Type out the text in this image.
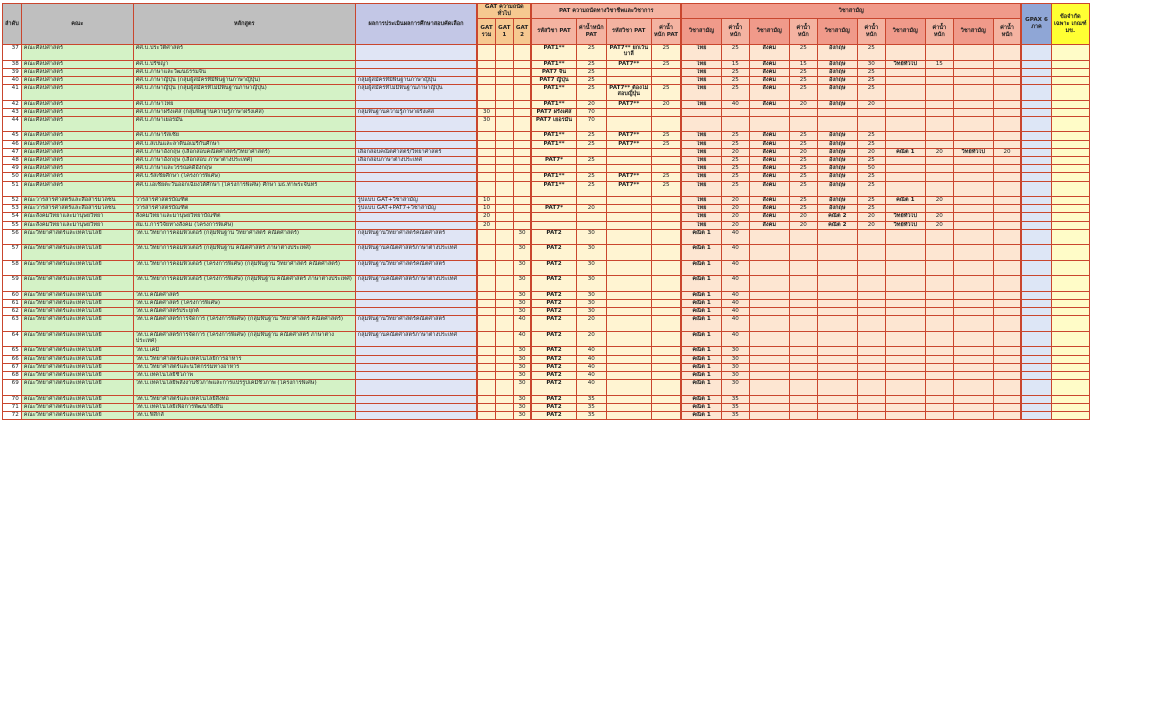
ลำดับ	คณะ	หลักสูตร	ผลการประเมินผลการศึกษาสอบคัดเลือก	GAT ความถนัดทั่วไป			PAT ความถนัดทางวิชาชีพและวิชาการ				วิชาสามัญ										GPAX 6 ภาค	ข้อจำกัดเฉพาะ เกณฑ์ มข.
				GAT รวม	GAT 1	GAT 2	รหัสวิชา PAT	ค่าน้ำหนัก PAT	รหัสวิชา PAT	ค่าน้ำหนัก PAT	วิชาสามัญ	ค่าน้ำหนัก	วิชาสามัญ	ค่าน้ำหนัก	วิชาสามัญ	ค่าน้ำหนัก	วิชาสามัญ	ค่าน้ำหนัก	วิชาสามัญ	ค่าน้ำหนัก		
37	คณะศิลปศาสตร์	ศศ.บ.ประวัติศาสตร์					PAT1**	25	PAT7** ยกเว้น บาลี	25	ไทย	25	สังคม	25	อังกฤษ	25						
38	คณะศิลปศาสตร์	ศศ.บ.ปรัชญา					PAT1**	25	PAT7**	25	ไทย	15	สังคม	15	อังกฤษ	30	วิทย์ทั่วไป	15				
39	คณะศิลปศาสตร์	ศศ.บ.ภาษาและวัฒนธรรมจีน					PAT7 จีน	25			ไทย	25	สังคม	25	อังกฤษ	25						
40	คณะศิลปศาสตร์	ศศ.บ.ภาษาญี่ปุ่น (กลุ่มผู้สมัครที่มีพื้นฐานภาษาญี่ปุ่น)	กลุ่มผู้สมัครที่มีพื้นฐานภาษาญี่ปุ่น				PAT7 ญี่ปุ่น	25			ไทย	25	สังคม	25	อังกฤษ	25						
41	คณะศิลปศาสตร์	ศศ.บ.ภาษาญี่ปุ่น (กลุ่มผู้สมัครที่ไม่มีพื้นฐานภาษาญี่ปุ่น)	กลุ่มผู้สมัครที่ไม่มีพื้นฐานภาษาญี่ปุ่น				PAT1**	25	PAT7** ต้องไม่สอบญี่ปุ่น	25	ไทย	25	สังคม	25	อังกฤษ	25						
42	คณะศิลปศาสตร์	ศศ.บ.ภาษาไทย					PAT1**	20	PAT7**	20	ไทย	40	สังคม	20	อังกฤษ	20						
43	คณะศิลปศาสตร์	ศศ.บ.ภาษาฝรั่งเศส (กลุ่มพื้นฐานความรู้ภาษาฝรั่งเศส)	กลุ่มพื้นฐานความรู้ภาษาฝรั่งเศส	30			PAT7 ฝรั่งเศส	70														
44	คณะศิลปศาสตร์	ศศ.บ.ภาษาเยอรมัน		30			PAT7 เยอรมัน	70														
45	คณะศิลปศาสตร์	ศศ.บ.ภาษารัสเซีย					PAT1**	25	PAT7**	25	ไทย	25	สังคม	25	อังกฤษ	25						
46	คณะศิลปศาสตร์	ศศ.บ.สเปนและลาตินอเมริกันศึกษา					PAT1**	25	PAT7**	25	ไทย	25	สังคม	25	อังกฤษ	25						
47	คณะศิลปศาสตร์	ศศ.บ.ภาษาอังกฤษ (เลือกสอบคณิตศาสตร์/วิทยาศาสตร์)	เลือกสอบคณิตศาสตร์/วิทยาศาสตร์								ไทย	20	สังคม	20	อังกฤษ	20	คณิต 1	20	วิทย์ทั่วไป	20		
48	คณะศิลปศาสตร์	ศศ.บ.ภาษาอังกฤษ (เลือกสอบ ภาษาต่างประเทศ)	เลือกสอบภาษาต่างประเทศ				PAT7*	25			ไทย	25	สังคม	25	อังกฤษ	25						
49	คณะศิลปศาสตร์	ศศ.บ.ภาษาและวรรณคดีอังกฤษ									ไทย	25	สังคม	25	อังกฤษ	50						
50	คณะศิลปศาสตร์	ศศ.บ.รัสเซียศึกษา (โครงการพิเศษ)					PAT1**	25	PAT7**	25	ไทย	25	สังคม	25	อังกฤษ	25						
51	คณะศิลปศาสตร์	ศศ.บ.เอเชียตะวันออกเฉียงใต้ศึกษา (โครงการพิเศษ) ศึกษา มธ.ท่าพระจันทร์					PAT1**	25	PAT7**	25	ไทย	25	สังคม	25	อังกฤษ	25						
52	คณะวารสารศาสตร์และสื่อสารมวลชน	วารสารศาสตรบัณฑิต	รูปแบบ GAT+วิชาสามัญ	10							ไทย	20	สังคม	25	อังกฤษ	25	คณิต 1	20				
53	คณะวารสารศาสตร์และสื่อสารมวลชน	วารสารศาสตรบัณฑิต	รูปแบบ GAT+PAT7+วิชาสามัญ	10			PAT7*	20			ไทย	20	สังคม	25	อังกฤษ	25						
54	คณะสังคมวิทยาและมานุษยวิทยา	สังคมวิทยาและมานุษยวิทยาบัณฑิต		20							ไทย	20	สังคม	20	คณิต 2	20	วิทย์ทั่วไป	20				
55	คณะสังคมวิทยาและมานุษยวิทยา	สม.บ.การวิจัยทางสังคม (โครงการพิเศษ)		20							ไทย	20	สังคม	20	คณิต 2	20	วิทย์ทั่วไป	20				
56	คณะวิทยาศาสตร์และเทคโนโลยี	วท.บ.วิทยาการคอมพิวเตอร์ (กลุ่มพื้นฐาน วิทยาศาสตร์ คณิตศาสตร์)	กลุ่มพื้นฐานวิทยาศาสตร์คณิตศาสตร์			30	PAT2	30			คณิต 1	40										
57	คณะวิทยาศาสตร์และเทคโนโลยี	วท.บ.วิทยาการคอมพิวเตอร์ (กลุ่มพื้นฐาน คณิตศาสตร์ ภาษาต่างประเทศ)	กลุ่มพื้นฐานคณิตศาสตร์ภาษาต่างประเทศ			30	PAT2	30			คณิต 1	40										
58	คณะวิทยาศาสตร์และเทคโนโลยี	วท.บ.วิทยาการคอมพิวเตอร์ (โครงการพิเศษ) (กลุ่มพื้นฐาน วิทยาศาสตร์ คณิตศาสตร์)	กลุ่มพื้นฐานวิทยาศาสตร์คณิตศาสตร์			30	PAT2	30			คณิต 1	40										
59	คณะวิทยาศาสตร์และเทคโนโลยี	วท.บ.วิทยาการคอมพิวเตอร์ (โครงการพิเศษ) (กลุ่มพื้นฐาน คณิตศาสตร์ ภาษาต่างประเทศ)	กลุ่มพื้นฐานคณิตศาสตร์ภาษาต่างประเทศ			30	PAT2	30			คณิต 1	40										
60	คณะวิทยาศาสตร์และเทคโนโลยี	วท.บ.คณิตศาสตร์				30	PAT2	30			คณิต 1	40										
61	คณะวิทยาศาสตร์และเทคโนโลยี	วท.บ.คณิตศาสตร์ (โครงการพิเศษ)				30	PAT2	30			คณิต 1	40										
62	คณะวิทยาศาสตร์และเทคโนโลยี	วท.บ.คณิตศาสตร์ประยุกต์				30	PAT2	30			คณิต 1	40										
63	คณะวิทยาศาสตร์และเทคโนโลยี	วท.บ.คณิตศาสตร์การจัดการ (โครงการพิเศษ) (กลุ่มพื้นฐาน วิทยาศาสตร์ คณิตศาสตร์)	กลุ่มพื้นฐานวิทยาศาสตร์คณิตศาสตร์			40	PAT2	20			คณิต 1	40										
64	คณะวิทยาศาสตร์และเทคโนโลยี	วท.บ.คณิตศาสตร์การจัดการ (โครงการพิเศษ) (กลุ่มพื้นฐาน คณิตศาสตร์ ภาษาต่างประเทศ)	กลุ่มพื้นฐานคณิตศาสตร์ภาษาต่างประเทศ			40	PAT2	20			คณิต 1	40										
65	คณะวิทยาศาสตร์และเทคโนโลยี	วท.บ.เคมี				30	PAT2	40			คณิต 1	30										
66	คณะวิทยาศาสตร์และเทคโนโลยี	วท.บ.วิทยาศาสตร์และเทคโนโลยีการอาหาร				30	PAT2	40			คณิต 1	30										
67	คณะวิทยาศาสตร์และเทคโนโลยี	วท.บ.วิทยาศาสตร์และนวัตกรรมทางอาหาร				30	PAT2	40			คณิต 1	30										
68	คณะวิทยาศาสตร์และเทคโนโลยี	วท.บ.เทคโนโลยีชีวภาพ				30	PAT2	40			คณิต 1	30										
69	คณะวิทยาศาสตร์และเทคโนโลยี	วท.บ.เทคโนโลยีพลังงานชีวภาพและการแปรรูปเคมีชีวภาพ (โครงการพิเศษ)				30	PAT2	40			คณิต 1	30										
70	คณะวิทยาศาสตร์และเทคโนโลยี	วท.บ.วิทยาศาสตร์และเทคโนโลยีสิ่งทอ				30	PAT2	35			คณิต 1	35										
71	คณะวิทยาศาสตร์และเทคโนโลยี	วท.บ.เทคโนโลยีเพื่อการพัฒนายั่งยืน				30	PAT2	35			คณิต 1	35										
72	คณะวิทยาศาสตร์และเทคโนโลยี	วท.บ.ฟิสิกส์				30	PAT2	35			คณิต 1	35										
